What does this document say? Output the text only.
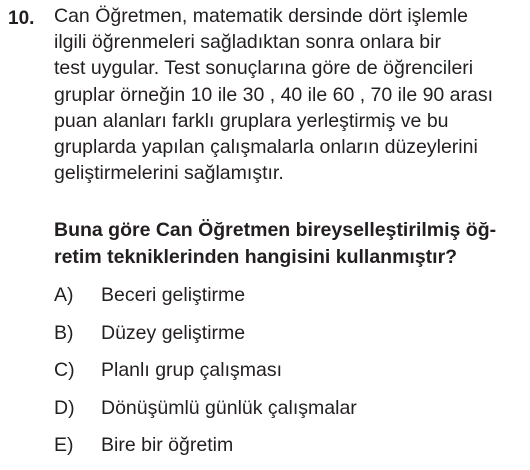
10. Can Öğretmen, matematik dersinde dört işlemle
ilgili öğrenmeleri sağladıktan sonra onlara bir
test uygular. Test sonuçlarına göre de öğrencileri
gruplar örneğin 10 ile 30 , 40 ile 60 , 70 ile 90 arası
puan alanları farklı gruplara yerleştirmiş ve bu
gruplarda yapılan çalışmalarla onların düzeylerini
geliştirmelerini sağlamıştır.
Buna göre Can Öğretmen bireyselleştirilmiş öğ-
retim tekniklerinden hangisini kullanmıştır?
A)	Beceri geliştirme
B)	Düzey geliştirme
C)	Planlı grup çalışması
D)	Dönüşümlü günlük çalışmalar
E)	Bire bir öğretim
